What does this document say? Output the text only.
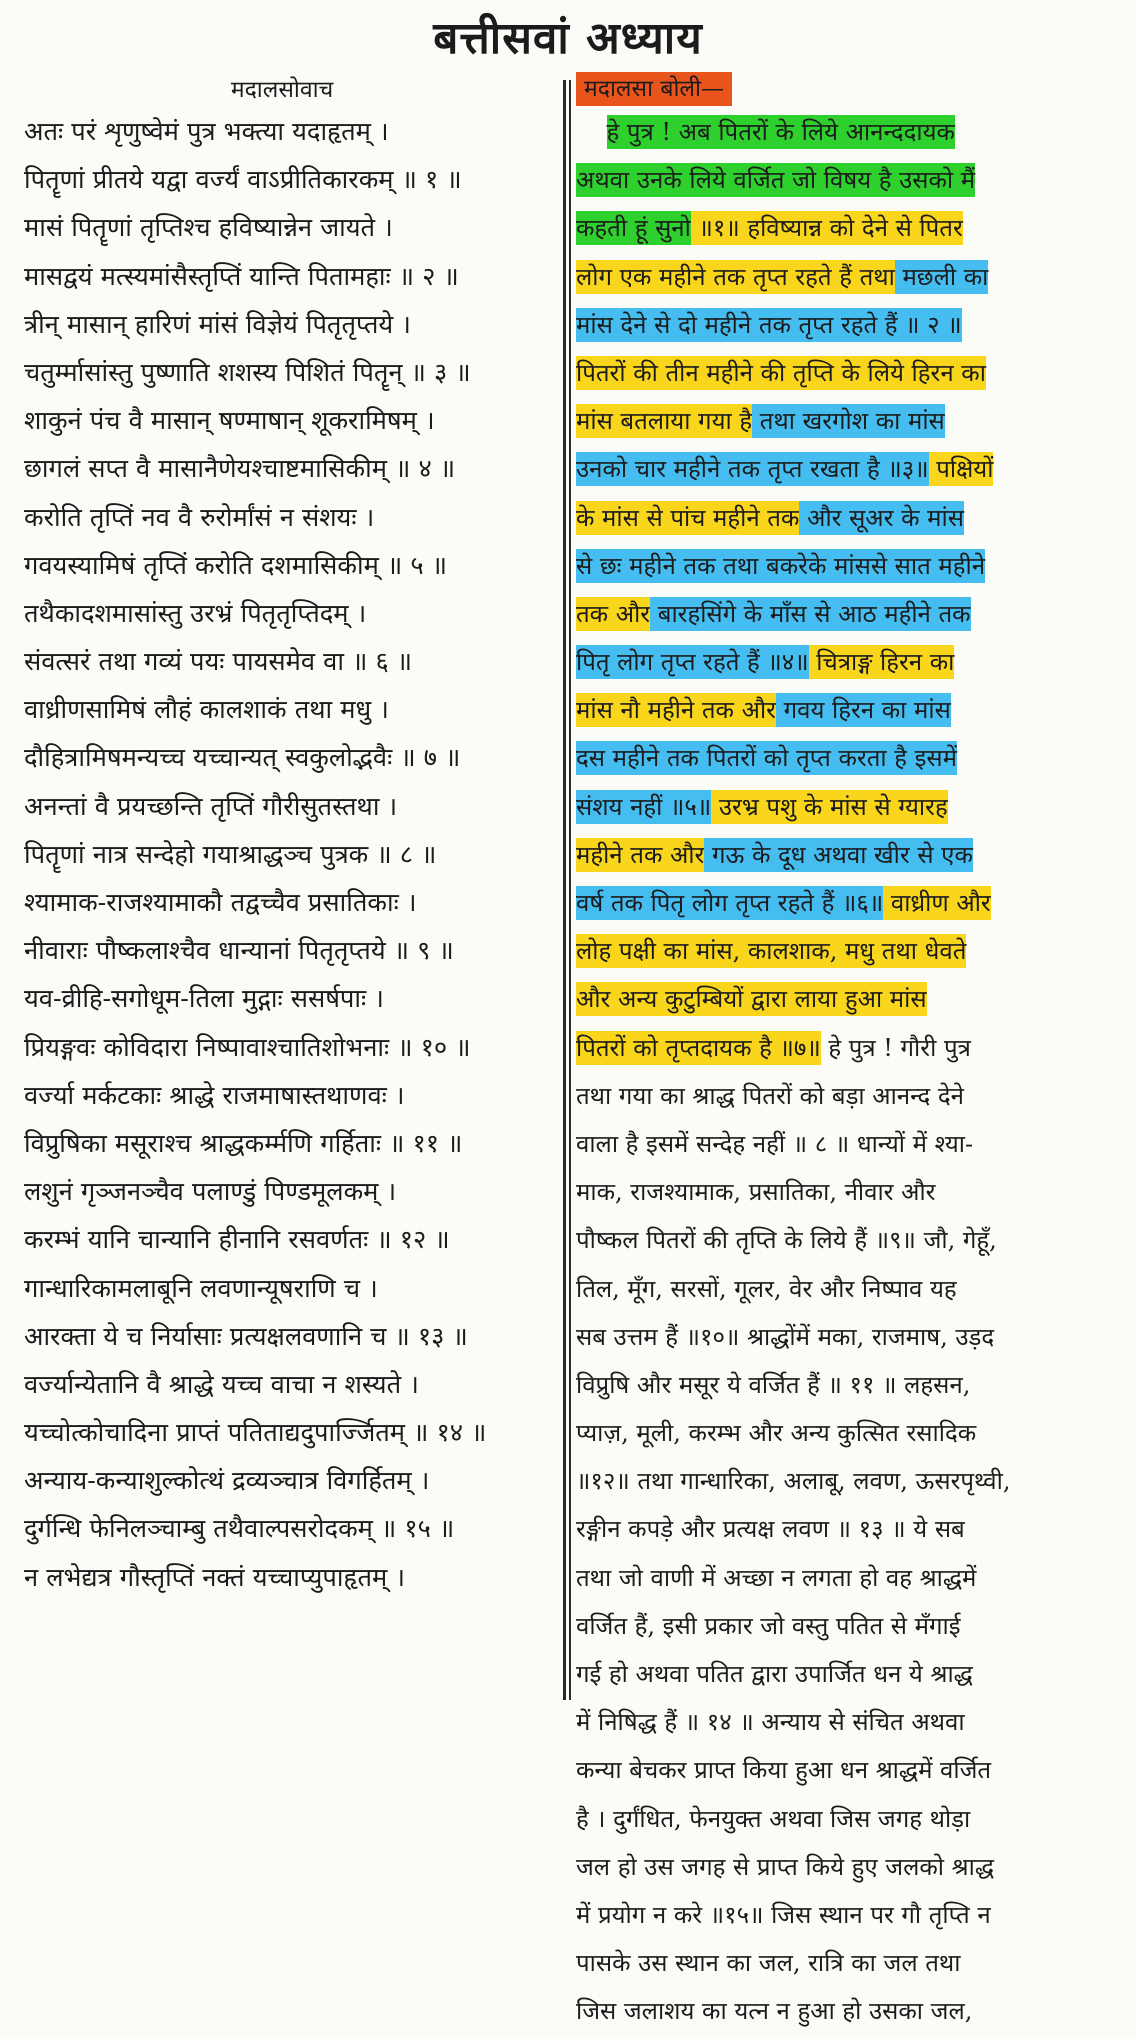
बत्तीसवां अध्याय
मदालसोवाच
अतः परं शृणुष्वेमं पुत्र भक्त्या यदाहृतम् ।
पितॄणां प्रीतये यद्वा वर्ज्यं वाऽप्रीतिकारकम् ॥ १ ॥
मासं पितॄणां तृप्तिश्च हविष्यान्नेन जायते ।
मासद्वयं मत्स्यमांसैस्तृप्तिं यान्ति पितामहाः ॥ २ ॥
त्रीन् मासान् हारिणं मांसं विज्ञेयं पितृतृप्तये ।
चतुर्म्मासांस्तु पुष्णाति शशस्य पिशितं पितॄन् ॥ ३ ॥
शाकुनं पंच वै मासान् षण्माषान् शूकरामिषम् ।
छागलं सप्त वै मासानैणेयश्चाष्टमासिकीम् ॥ ४ ॥
करोति तृप्तिं नव वै रुरोर्मांसं न संशयः ।
गवयस्यामिषं तृप्तिं करोति दशमासिकीम् ॥ ५ ॥
तथैकादशमासांस्तु उरभ्रं पितृतृप्तिदम् ।
संवत्सरं तथा गव्यं पयः पायसमेव वा ॥ ६ ॥
वाध्रीणसामिषं लौहं कालशाकं तथा मधु ।
दौहित्रामिषमन्यच्च यच्चान्यत् स्वकुलोद्भवैः ॥ ७ ॥
अनन्तां वै प्रयच्छन्ति तृप्तिं गौरीसुतस्तथा ।
पितॄणां नात्र सन्देहो गयाश्राद्धञ्च पुत्रक ॥ ८ ॥
श्यामाक-राजश्यामाकौ तद्वच्चैव प्रसातिकाः ।
नीवाराः पौष्कलाश्चैव धान्यानां पितृतृप्तये ॥ ९ ॥
यव-व्रीहि-सगोधूम-तिला मुद्गाः ससर्षपाः ।
प्रियङ्गवः कोविदारा निष्पावाश्चातिशोभनाः ॥ १० ॥
वर्ज्या मर्कटकाः श्राद्धे राजमाषास्तथाणवः ।
विप्रुषिका मसूराश्च श्राद्धकर्म्मणि गर्हिताः ॥ ११ ॥
लशुनं गृञ्जनञ्चैव पलाण्डुं पिण्डमूलकम् ।
करम्भं यानि चान्यानि हीनानि रसवर्णतः ॥ १२ ॥
गान्धारिकामलाबूनि लवणान्यूषराणि च ।
आरक्ता ये च निर्यासाः प्रत्यक्षलवणानि च ॥ १३ ॥
वर्ज्यान्येतानि वै श्राद्धे यच्च वाचा न शस्यते ।
यच्चोत्कोचादिना प्राप्तं पतिताद्यदुपार्ज्जितम् ॥ १४ ॥
अन्याय-कन्याशुल्कोत्थं द्रव्यञ्चात्र विगर्हितम् ।
दुर्गन्धि फेनिलञ्चाम्बु तथैवाल्पसरोदकम् ॥ १५ ॥
न लभेद्यत्र गौस्तृप्तिं नक्तं यच्चाप्युपाहृतम् ।
मदालसा बोली—
हे पुत्र ! अब पितरों के लिये आनन्ददायक
अथवा उनके लिये वर्जित जो विषय है उसको मैं
कहती हूं सुनो ॥१॥ हविष्यान्न को देने से पितर
लोग एक महीने तक तृप्त रहते हैं तथा मछली का
मांस देने से दो महीने तक तृप्त रहते हैं ॥ २ ॥
पितरों की तीन महीने की तृप्ति के लिये हिरन का
मांस बतलाया गया है तथा खरगोश का मांस
उनको चार महीने तक तृप्त रखता है ॥३॥ पक्षियों
के मांस से पांच महीने तक और सूअर के मांस
से छः महीने तक तथा बकरेके मांससे सात महीने
तक और बारहसिंगे के माँस से आठ महीने तक
पितृ लोग तृप्त रहते हैं ॥४॥ चित्राङ्ग हिरन का
मांस नौ महीने तक और गवय हिरन का मांस
दस महीने तक पितरों को तृप्त करता है इसमें
संशय नहीं ॥५॥ उरभ्र पशु के मांस से ग्यारह
महीने तक और गऊ के दूध अथवा खीर से एक
वर्ष तक पितृ लोग तृप्त रहते हैं ॥६॥ वाध्रीण और
लोह पक्षी का मांस, कालशाक, मधु तथा धेवते
और अन्य कुटुम्बियों द्वारा लाया हुआ मांस
पितरों को तृप्तदायक है ॥७॥ हे पुत्र ! गौरी पुत्र
तथा गया का श्राद्ध पितरों को बड़ा आनन्द देने
वाला है इसमें सन्देह नहीं ॥ ८ ॥ धान्यों में श्या-
माक, राजश्यामाक, प्रसातिका, नीवार और
पौष्कल पितरों की तृप्ति के लिये हैं ॥९॥ जौ, गेहूँ,
तिल, मूँग, सरसों, गूलर, वेर और निष्पाव यह
सब उत्तम हैं ॥१०॥ श्राद्धोंमें मका, राजमाष, उड़द
विप्रुषि और मसूर ये वर्जित हैं ॥ ११ ॥ लहसन,
प्याज़, मूली, करम्भ और अन्य कुत्सित रसादिक
॥१२॥ तथा गान्धारिका, अलाबू, लवण, ऊसरपृथ्वी,
रङ्गीन कपड़े और प्रत्यक्ष लवण ॥ १३ ॥ ये सब
तथा जो वाणी में अच्छा न लगता हो वह श्राद्धमें
वर्जित हैं, इसी प्रकार जो वस्तु पतित से मँगाई
गई हो अथवा पतित द्वारा उपार्जित धन ये श्राद्ध
में निषिद्ध हैं ॥ १४ ॥ अन्याय से संचित अथवा
कन्या बेचकर प्राप्त किया हुआ धन श्राद्धमें वर्जित
है । दुर्गंधित, फेनयुक्त अथवा जिस जगह थोड़ा
जल हो उस जगह से प्राप्त किये हुए जलको श्राद्ध
में प्रयोग न करे ॥१५॥ जिस स्थान पर गौ तृप्ति न
पासके उस स्थान का जल, रात्रि का जल तथा
जिस जलाशय का यत्न न हुआ हो उसका जल,
